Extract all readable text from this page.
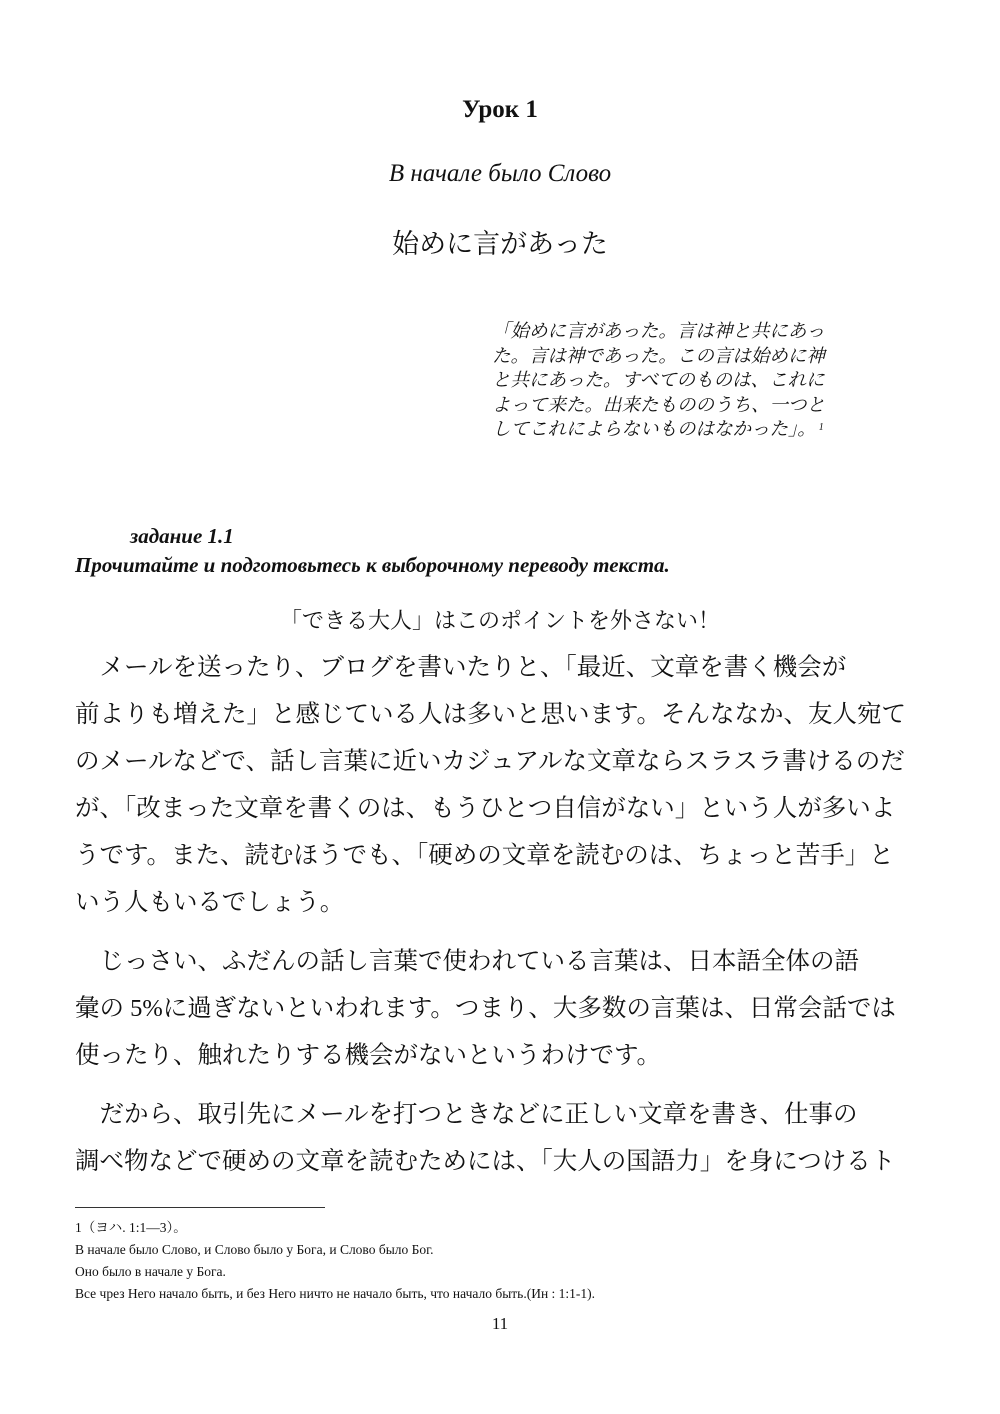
Урок 1
В начале было Слово
始めに言があった
「始めに言があった。言は神と共にあっ
た。言は神であった。この言は始めに神
と共にあった。すべてのものは、これに
よって来た。出来たもののうち、一つと
してこれによらないものはなかった」。 $^1$
задание 1.1
Прочитайте и подготовьтесь к выборочному переводу текста.
「できる大人」はこのポイントを外さない！
　メールを送ったり、ブログを書いたりと、「最近、文章を書く機会が
前よりも増えた」と感じている人は多いと思います。そんななか、友人宛て
のメールなどで、話し言葉に近いカジュアルな文章ならスラスラ書けるのだ
が、「改まった文章を書くのは、もうひとつ自信がない」という人が多いよ
うです。また、読むほうでも、「硬めの文章を読むのは、ちょっと苦手」と
いう人もいるでしょう。
　じっさい、ふだんの話し言葉で使われている言葉は、日本語全体の語
彙の 5%に過ぎないといわれます。つまり、大多数の言葉は、日常会話では
使ったり、触れたりする機会がないというわけです。
　だから、取引先にメールを打つときなどに正しい文章を書き、仕事の
調べ物などで硬めの文章を読むためには、「大人の国語力」を身につけるト
1（ヨハ. 1:1—3）。
В начале было Слово, и Слово было у Бога, и Слово было Бог.
Оно было в начале у Бога.
Все чрез Него начало быть, и без Него ничто не начало быть, что начало быть.(Ин : 1:1-1).
11
